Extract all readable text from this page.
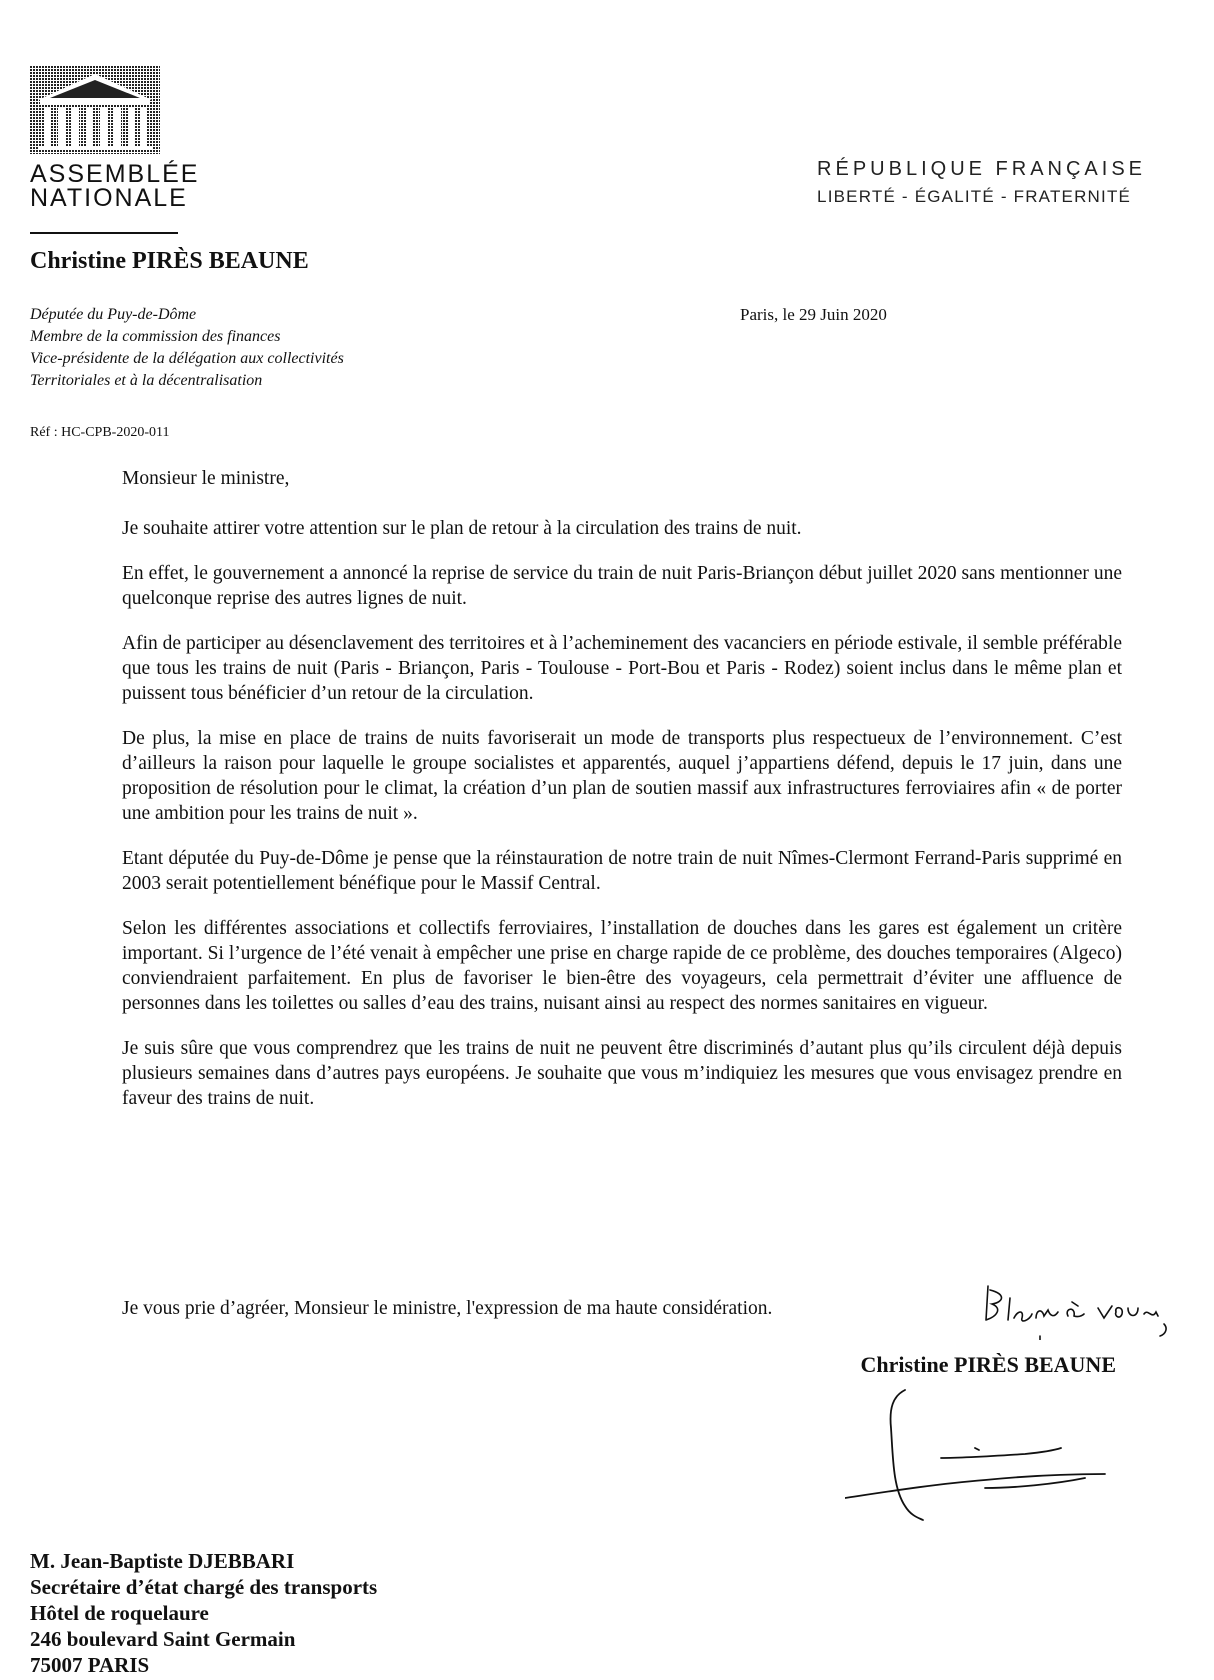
ASSEMBLÉE
NATIONALE
RÉPUBLIQUE FRANÇAISE
LIBERTÉ - ÉGALITÉ - FRATERNITÉ
Christine PIRÈS BEAUNE
Députée du Puy-de-Dôme
Membre de la commission des finances
Vice-présidente de la délégation aux collectivités
Territoriales et à la décentralisation
Paris, le 29 Juin 2020
Réf : HC-CPB-2020-011

Monsieur le ministre,

Je souhaite attirer votre attention sur le plan de retour à la circulation des trains de nuit.

En effet, le gouvernement a annoncé la reprise de service du train de nuit Paris-Briançon début juillet 2020 sans mentionner une quelconque reprise des autres lignes de nuit.

Afin de participer au désenclavement des territoires et à l’acheminement des vacanciers en période estivale, il semble préférable que tous les trains de nuit (Paris - Briançon, Paris - Toulouse - Port-Bou et Paris - Rodez) soient inclus dans le même plan et puissent tous bénéficier d’un retour de la circulation.

De plus, la mise en place de trains de nuits favoriserait un mode de transports plus respectueux de l’environnement. C’est d’ailleurs la raison pour laquelle le groupe socialistes et apparentés, auquel j’appartiens défend, depuis le 17 juin, dans une proposition de résolution pour le climat, la création d’un plan de soutien massif aux infrastructures ferroviaires afin « de porter une ambition pour les trains de nuit ».

Etant députée du Puy-de-Dôme je pense que la réinstauration de notre train de nuit Nîmes-Clermont Ferrand-Paris supprimé en 2003 serait potentiellement bénéfique pour le Massif Central.

Selon les différentes associations et collectifs ferroviaires, l’installation de douches dans les gares est également un critère important. Si l’urgence de l’été venait à empêcher une prise en charge rapide de ce problème, des douches temporaires (Algeco) conviendraient parfaitement. En plus de favoriser le bien-être des voyageurs, cela permettrait d’éviter une affluence de personnes dans les toilettes ou salles d’eau des trains, nuisant ainsi au respect des normes sanitaires en vigueur.

Je suis sûre que vous comprendrez que les trains de nuit ne peuvent être discriminés d’autant plus qu’ils circulent déjà depuis plusieurs semaines dans d’autres pays européens. Je souhaite que vous m’indiquiez les mesures que vous envisagez prendre en faveur des trains de nuit.

Je vous prie d’agréer, Monsieur le ministre, l'expression de ma haute considération.
Christine PIRÈS BEAUNE
M. Jean-Baptiste DJEBBARI
Secrétaire d’état chargé des transports
Hôtel de roquelaure
246 boulevard Saint Germain
75007 PARIS
